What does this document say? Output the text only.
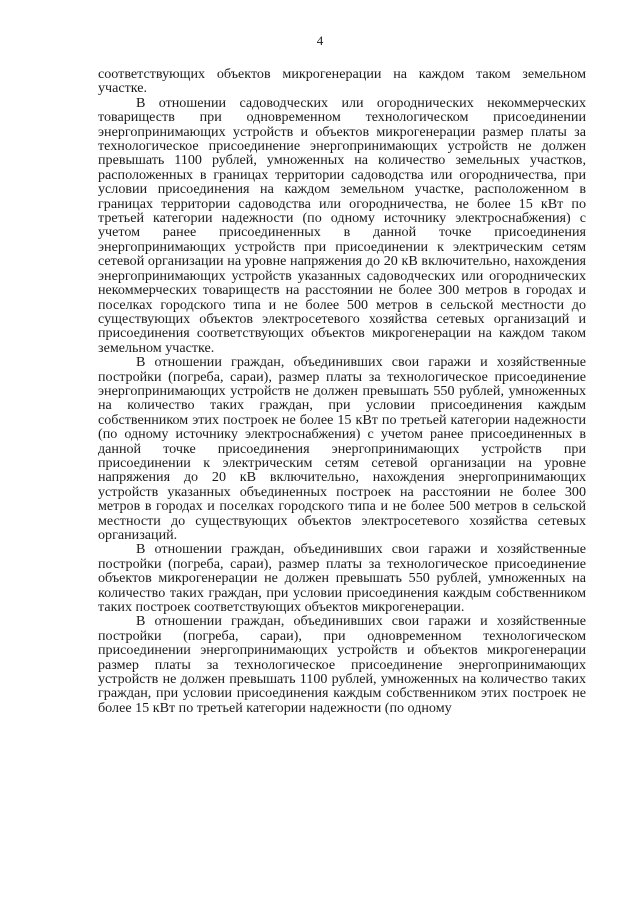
4

соответствующих объектов микрогенерации на каждом таком земельном участке.

В отношении садоводческих или огороднических некоммерческих товариществ при одновременном технологическом присоединении энергопринимающих устройств и объектов микрогенерации размер платы за технологическое присоединение энергопринимающих устройств не должен превышать 1100 рублей, умноженных на количество земельных участков, расположенных в границах территории садоводства или огородничества, при условии присоединения на каждом земельном участке, расположенном в границах территории садоводства или огородничества, не более 15 кВт по третьей категории надежности (по одному источнику электроснабжения) с учетом ранее присоединенных в данной точке присоединения энергопринимающих устройств при присоединении к электрическим сетям сетевой организации на уровне напряжения до 20 кВ включительно, нахождения энергопринимающих устройств указанных садоводческих или огороднических некоммерческих товариществ на расстоянии не более 300 метров в городах и поселках городского типа и не более 500 метров в сельской местности до существующих объектов электросетевого хозяйства сетевых организаций и присоединения соответствующих объектов микрогенерации на каждом таком земельном участке.

В отношении граждан, объединивших свои гаражи и хозяйственные постройки (погреба, сараи), размер платы за технологическое присоединение энергопринимающих устройств не должен превышать 550 рублей, умноженных на количество таких граждан, при условии присоединения каждым собственником этих построек не более 15 кВт по третьей категории надежности (по одному источнику электроснабжения) с учетом ранее присоединенных в данной точке присоединения энергопринимающих устройств при присоединении к электрическим сетям сетевой организации на уровне напряжения до 20 кВ включительно, нахождения энергопринимающих устройств указанных объединенных построек на расстоянии не более 300 метров в городах и поселках городского типа и не более 500 метров в сельской местности до существующих объектов электросетевого хозяйства сетевых организаций.

В отношении граждан, объединивших свои гаражи и хозяйственные постройки (погреба, сараи), размер платы за технологическое присоединение объектов микрогенерации не должен превышать 550 рублей, умноженных на количество таких граждан, при условии присоединения каждым собственником таких построек соответствующих объектов микрогенерации.

В отношении граждан, объединивших свои гаражи и хозяйственные постройки (погреба, сараи), при одновременном технологическом присоединении энергопринимающих устройств и объектов микрогенерации размер платы за технологическое присоединение энергопринимающих устройств не должен превышать 1100 рублей, умноженных на количество таких граждан, при условии присоединения каждым собственником этих построек не более 15 кВт по третьей категории надежности (по одному
